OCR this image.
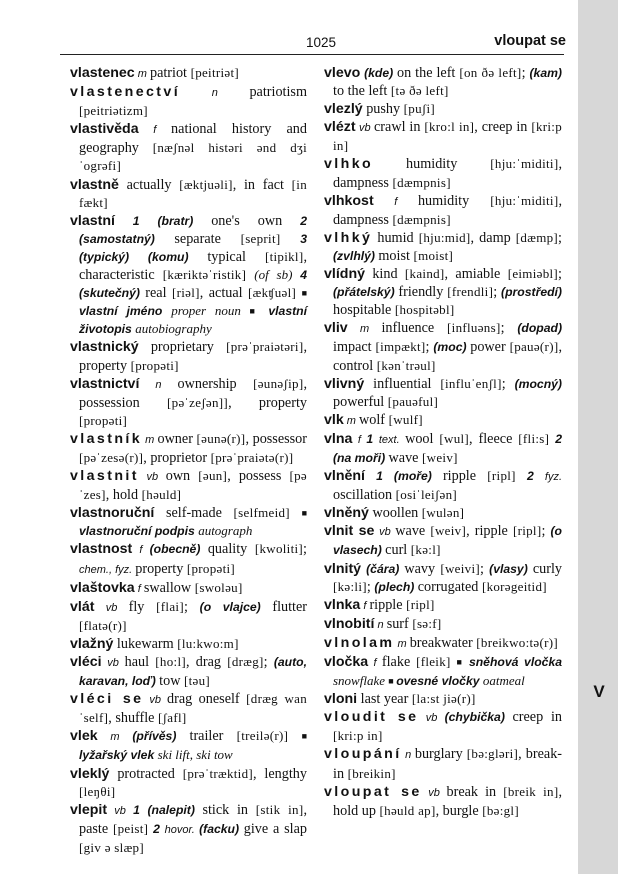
V
1025	vloupat se

vlastenec m patriot [peitriət]

vlastenectví n patriotism [peitriətizm]

vlastivěda f national history and geography [næʃnəl histəri ənd dʒiˈogrəfi]

vlastně actually [æktjuəli], in fact [in fækt]

vlastní 1 (bratr) one's own 2 (samostatný) separate [seprit] 3 (typický) (komu) typical [tipikl], characteristic [kæriktəˈristik] (of sb) 4 (skutečný) real [riəl], actual [ækʧuəl] ■ vlastní jméno proper noun ■ vlastní životopis autobiography

vlastnický proprietary [prəˈpraiətəri], property [propəti]

vlastnictví n ownership [əunəʃip], possession [pəˈzeʃən]], property [propəti]

vlastník m owner [əunə(r)], possessor [pəˈzesə(r)], proprietor [prəˈpraiətə(r)]

vlastnit vb own [əun], possess [pəˈzes], hold [həuld]

vlastnoruční self-made [selfmeid] ■ vlastnoruční podpis autograph

vlastnost f (obecně) quality [kwoliti]; chem., fyz. property [propəti]

vlaštovka f swallow [swoləu]

vlát vb fly [flai]; (o vlajce) flutter [flatə(r)]

vlažný lukewarm [lu:kwo:m]

vléci vb haul [ho:l], drag [dræg]; (auto, karavan, loď) tow [təu]

vléci se vb drag oneself [dræg wanˈself], shuffle [ʃafl]

vlek m (přívěs) trailer [treilə(r)] ■ lyžařský vlek ski lift, ski tow

vleklý protracted [prəˈtræktid], lengthy [leŋθi]

vlepit vb 1 (nalepit) stick in [stik in], paste [peist] 2 hovor. (facku) give a slap [giv ə slæp]

vlevo (kde) on the left [on ðə left]; (kam) to the left [tə ðə left]

vlezlý pushy [puʃi]

vlézt vb crawl in [kro:l in], creep in [kri:p in]

vlhko humidity [hju:ˈmiditi], dampness [dæmpnis]

vlhkost f humidity [hju:ˈmiditi], dampness [dæmpnis]

vlhký humid [hju:mid], damp [dæmp]; (zvlhlý) moist [moist]

vlídný kind [kaind], amiable [eimiəbl]; (přátelský) friendly [frendli]; (prostředí) hospitable [hospitəbl]

vliv m influence [influəns]; (dopad) impact [impækt]; (moc) power [pauə(r)], control [kənˈtrəul]

vlivný influential [influˈenʃl]; (mocný) powerful [pauəful]

vlk m wolf [wulf]

vlna f 1 text. wool [wul], fleece [fli:s] 2 (na moři) wave [weiv]

vlnění 1 (moře) ripple [ripl] 2 fyz. oscillation [osiˈleiʃən]

vlněný woollen [wulən]

vlnit se vb wave [weiv], ripple [ripl]; (o vlasech) curl [kə:l]

vlnitý (čára) wavy [weivi]; (vlasy) curly [kə:li]; (plech) corrugated [korəgeitid]

vlnka f ripple [ripl]

vlnobití n surf [sə:f]

vlnolam m breakwater [breikwo:tə(r)]

vločka f flake [fleik] ■ sněhová vločka snowflake ■ ovesné vločky oatmeal

vloni last year [la:st jiə(r)]

vloudit se vb (chybička) creep in [kri:p in]

vloupání n burglary [bə:gləri], break-in [breikin]

vloupat se vb break in [breik in], hold up [həuld ap], burgle [bə:gl]
